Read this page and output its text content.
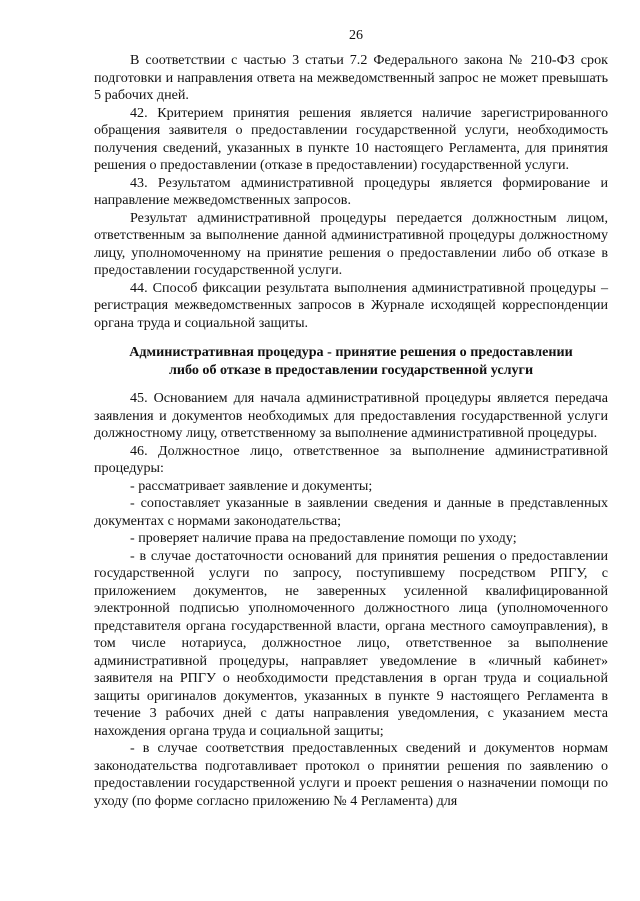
26

В соответствии с частью 3 статьи 7.2 Федерального закона № 210-ФЗ срок подготовки и направления ответа на межведомственный запрос не может превышать 5 рабочих дней.

42. Критерием принятия решения является наличие зарегистрированного обращения заявителя о предоставлении государственной услуги, необходимость получения сведений, указанных в пункте 10 настоящего Регламента, для принятия решения о предоставлении (отказе в предоставлении) государственной услуги.

43. Результатом административной процедуры является формирование и направление межведомственных запросов.

Результат административной процедуры передается должностным лицом, ответственным за выполнение данной административной процедуры должностному лицу, уполномоченному на принятие решения о предоставлении либо об отказе в предоставлении государственной услуги.

44. Способ фиксации результата выполнения административной процедуры – регистрация межведомственных запросов в Журнале исходящей корреспонденции органа труда и социальной защиты.

Административная процедура - принятие решения о предоставлении
либо об отказе в предоставлении государственной услуги

45. Основанием для начала административной процедуры является передача заявления и документов необходимых для предоставления государственной услуги должностному лицу, ответственному за выполнение административной процедуры.

46. Должностное лицо, ответственное за выполнение административной процедуры:

- рассматривает заявление и документы;

- сопоставляет указанные в заявлении сведения и данные в представленных документах с нормами законодательства;

- проверяет наличие права на предоставление помощи по уходу;

- в случае достаточности оснований для принятия решения о предоставлении государственной услуги по запросу, поступившему посредством РПГУ, с приложением документов, не заверенных усиленной квалифицированной электронной подписью уполномоченного должностного лица (уполномоченного представителя органа государственной власти, органа местного самоуправления), в том числе нотариуса, должностное лицо, ответственное за выполнение административной процедуры, направляет уведомление в «личный кабинет» заявителя на РПГУ о необходимости представления в орган труда и социальной защиты оригиналов документов, указанных в пункте 9 настоящего Регламента в течение 3 рабочих дней с даты направления уведомления, с указанием места нахождения органа труда и социальной защиты;

- в случае соответствия предоставленных сведений и документов нормам законодательства подготавливает протокол о принятии решения по заявлению о предоставлении государственной услуги и проект решения о назначении помощи по уходу (по форме согласно приложению № 4 Регламента) для
